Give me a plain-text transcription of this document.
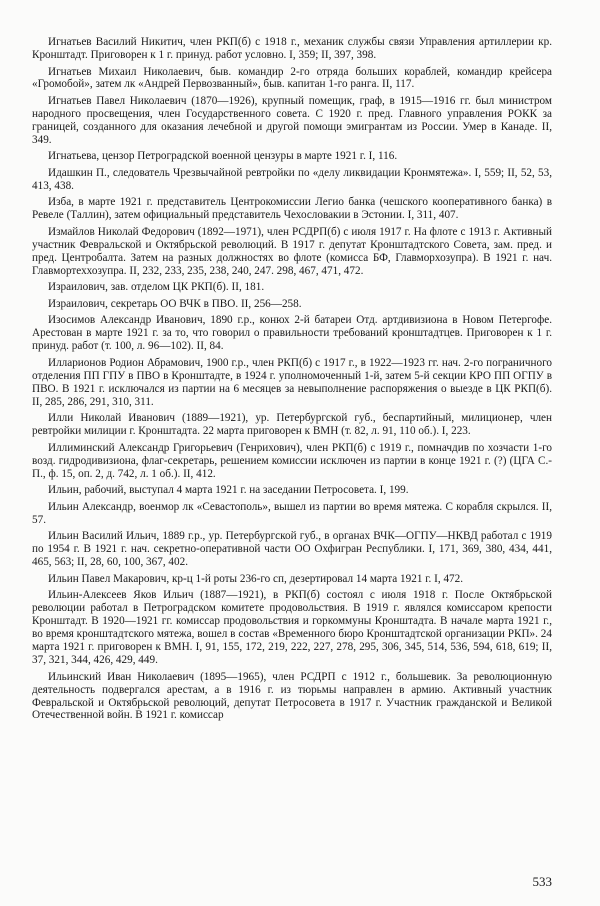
Игнатьев Василий Никитич, член РКП(б) с 1918 г., механик службы связи Управления артиллерии кр. Кронштадт. Приговорен к 1 г. принуд. работ условно. I, 359; II, 397, 398.

Игнатьев Михаил Николаевич, быв. командир 2-го отряда больших кораблей, командир крейсера «Громобой», затем лк «Андрей Первозванный», быв. капитан 1-го ранга. II, 117.

Игнатьев Павел Николаевич (1870—1926), крупный помещик, граф, в 1915—1916 гг. был министром народного просвещения, член Государственного совета. С 1920 г. пред. Главного управления РОКК за границей, созданного для оказания лечебной и другой помощи эмигрантам из России. Умер в Канаде. II, 349.

Игнатьева, цензор Петроградской военной цензуры в марте 1921 г. I, 116.

Идашкин П., следователь Чрезвычайной ревтройки по «делу ликвидации Кронмятежа». I, 559; II, 52, 53, 413, 438.

Изба, в марте 1921 г. представитель Центрокомиссии Легио банка (чешского кооперативного банка) в Ревеле (Таллин), затем официальный представитель Чехословакии в Эстонии. I, 311, 407.

Измайлов Николай Федорович (1892—1971), член РСДРП(б) с июля 1917 г. На флоте с 1913 г. Активный участник Февральской и Октябрьской революций. В 1917 г. депутат Кронштадтского Совета, зам. пред. и пред. Центробалта. Затем на разных должностях во флоте (комисса БФ, Главморхозупра). В 1921 г. нач. Главмортеххозупра. II, 232, 233, 235, 238, 240, 247. 298, 467, 471, 472.

Израилович, зав. отделом ЦК РКП(б). II, 181.

Израилович, секретарь ОО ВЧК в ПВО. II, 256—258.

Изосимов Александр Иванович, 1890 г.р., конюх 2-й батареи Отд. артдивизиона в Новом Петергофе. Арестован в марте 1921 г. за то, что говорил о правильности требований кронштадтцев. Приговорен к 1 г. принуд. работ (т. 100, л. 96—102). II, 84.

Илларионов Родион Абрамович, 1900 г.р., член РКП(б) с 1917 г., в 1922—1923 гг. нач. 2-го пограничного отделения ПП ГПУ в ПВО в Кронштадте, в 1924 г. уполномоченный 1-й, затем 5-й секции КРО ПП ОГПУ в ПВО. В 1921 г. исключался из партии на 6 месяцев за невыполнение распоряжения о выезде в ЦК РКП(б). II, 285, 286, 291, 310, 311.

Илли Николай Иванович (1889—1921), ур. Петербургской губ., беспартийный, милиционер, член ревтройки милиции г. Кронштадта. 22 марта приговорен к ВМН (т. 82, л. 91, 110 об.). I, 223.

Иллиминский Александр Григорьевич (Генрихович), член РКП(б) с 1919 г., помначдив по хозчасти 1-го возд. гидродивизиона, флаг-секретарь, решением комиссии исключен из партии в конце 1921 г. (?) (ЦГА С.-П., ф. 15, оп. 2, д. 742, л. 1 об.). II, 412.

Ильин, рабочий, выступал 4 марта 1921 г. на заседании Петросовета. I, 199.

Ильин Александр, военмор лк «Севастополь», вышел из партии во время мятежа. С корабля скрылся. II, 57.

Ильин Василий Ильич, 1889 г.р., ур. Петербургской губ., в органах ВЧК—ОГПУ—НКВД работал с 1919 по 1954 г. В 1921 г. нач. секретно-оперативной части ОО Охфигран Республики. I, 171, 369, 380, 434, 441, 465, 563; II, 28, 60, 100, 367, 402.

Ильин Павел Макарович, кр-ц 1-й роты 236-го сп, дезертировал 14 марта 1921 г. I, 472.

Ильин-Алексеев Яков Ильич (1887—1921), в РКП(б) состоял с июля 1918 г. После Октябрьской революции работал в Петроградском комитете продовольствия. В 1919 г. являлся комиссаром крепости Кронштадт. В 1920—1921 гг. комиссар продовольствия и горкоммуны Кронштадта. В начале марта 1921 г., во время кронштадтского мятежа, вошел в состав «Временного бюро Кронштадтской организации РКП». 24 марта 1921 г. приговорен к ВМН. I, 91, 155, 172, 219, 222, 227, 278, 295, 306, 345, 514, 536, 594, 618, 619; II, 37, 321, 344, 426, 429, 449.

Ильинский Иван Николаевич (1895—1965), член РСДРП с 1912 г., большевик. За революционную деятельность подвергался арестам, а в 1916 г. из тюрьмы направлен в армию. Активный участник Февральской и Октябрьской революций, депутат Петросовета в 1917 г. Участник гражданской и Великой Отечественной войн. В 1921 г. комиссар

533
